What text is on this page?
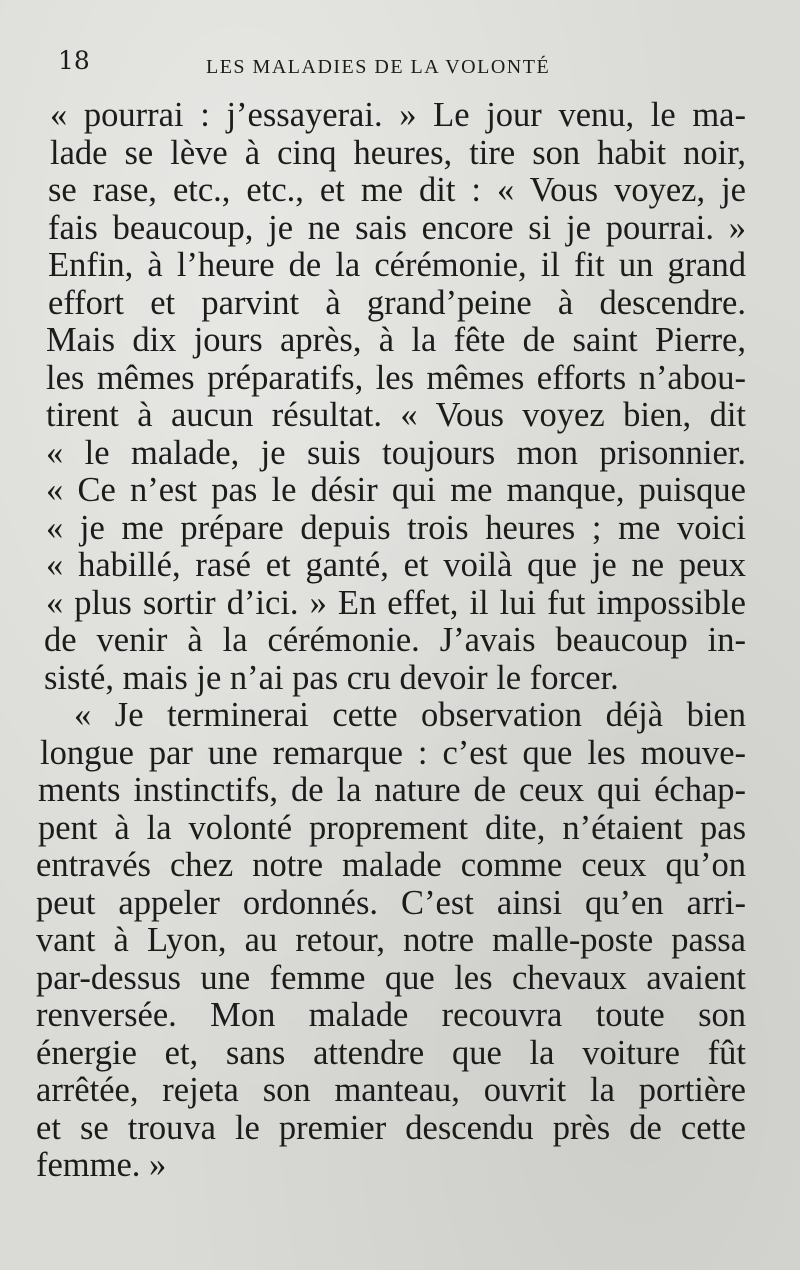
18	LES MALADIES DE LA VOLONTÉ
« pourrai : j’essayerai. » Le jour venu, le ma-
lade se lève à cinq heures, tire son habit noir,
se rase, etc., etc., et me dit : « Vous voyez, je
fais beaucoup, je ne sais encore si je pourrai. »
Enfin, à l’heure de la cérémonie, il fit un grand
effort et parvint à grand’peine à descendre.
Mais dix jours après, à la fête de saint Pierre,
les mêmes préparatifs, les mêmes efforts n’abou-
tirent à aucun résultat. « Vous voyez bien, dit
« le malade, je suis toujours mon prisonnier.
« Ce n’est pas le désir qui me manque, puisque
« je me prépare depuis trois heures ; me voici
« habillé, rasé et ganté, et voilà que je ne peux
« plus sortir d’ici. » En effet, il lui fut impossible
de venir à la cérémonie. J’avais beaucoup in-
sisté, mais je n’ai pas cru devoir le forcer.
« Je terminerai cette observation déjà bien
longue par une remarque : c’est que les mouve-
ments instinctifs, de la nature de ceux qui échap-
pent à la volonté proprement dite, n’étaient pas
entravés chez notre malade comme ceux qu’on
peut appeler ordonnés. C’est ainsi qu’en arri-
vant à Lyon, au retour, notre malle-poste passa
par-dessus une femme que les chevaux avaient
renversée. Mon malade recouvra toute son
énergie et, sans attendre que la voiture fût
arrêtée, rejeta son manteau, ouvrit la portière
et se trouva le premier descendu près de cette
femme. »
